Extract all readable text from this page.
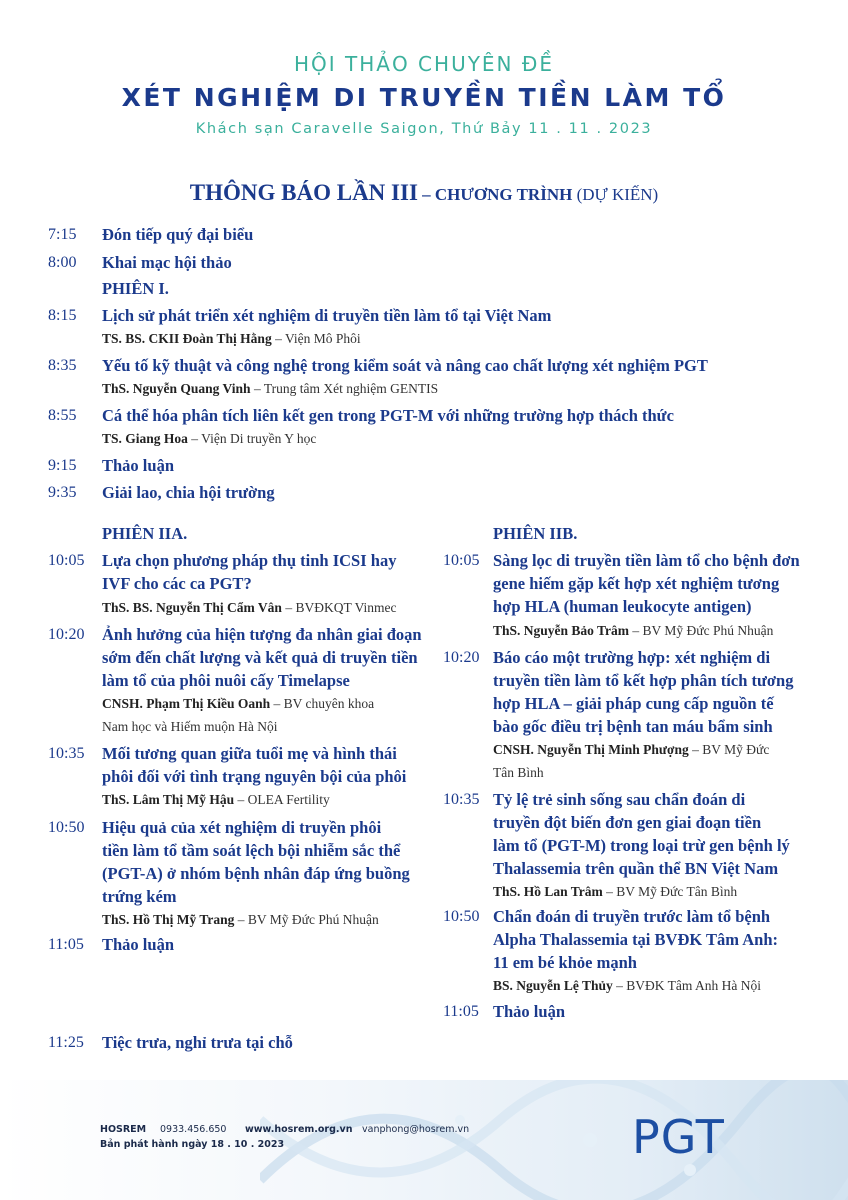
HỘI THẢO CHUYÊN ĐỀ
XÉT NGHIỆM DI TRUYỀN TIỀN LÀM TỔ
Khách sạn Caravelle Saigon, Thứ Bảy 11 . 11 . 2023
THÔNG BÁO LẦN III – CHƯƠNG TRÌNH (DỰ KIẾN)
7:15 Đón tiếp quý đại biểu
8:00 Khai mạc hội thảo
PHIÊN I.
8:15 Lịch sử phát triển xét nghiệm di truyền tiền làm tổ tại Việt Nam
TS. BS. CKII Đoàn Thị Hằng – Viện Mô Phôi
8:35 Yếu tố kỹ thuật và công nghệ trong kiểm soát và nâng cao chất lượng xét nghiệm PGT
ThS. Nguyễn Quang Vinh – Trung tâm Xét nghiệm GENTIS
8:55 Cá thể hóa phân tích liên kết gen trong PGT-M với những trường hợp thách thức
TS. Giang Hoa – Viện Di truyền Y học
9:15 Thảo luận
9:35 Giải lao, chia hội trường
PHIÊN IIA.
10:05 Lựa chọn phương pháp thụ tinh ICSI hay
IVF cho các ca PGT?
ThS. BS. Nguyễn Thị Cẩm Vân – BVĐKQT Vinmec
10:20 Ảnh hưởng của hiện tượng đa nhân giai đoạn
sớm đến chất lượng và kết quả di truyền tiền
làm tổ của phôi nuôi cấy Timelapse
CNSH. Phạm Thị Kiều Oanh – BV chuyên khoa
Nam học và Hiếm muộn Hà Nội
10:35 Mối tương quan giữa tuổi mẹ và hình thái
phôi đối với tình trạng nguyên bội của phôi
ThS. Lâm Thị Mỹ Hậu – OLEA Fertility
10:50 Hiệu quả của xét nghiệm di truyền phôi
tiền làm tổ tầm soát lệch bội nhiễm sắc thể
(PGT-A) ở nhóm bệnh nhân đáp ứng buồng
trứng kém
ThS. Hồ Thị Mỹ Trang – BV Mỹ Đức Phú Nhuận
11:05 Thảo luận
PHIÊN IIB.
10:05 Sàng lọc di truyền tiền làm tổ cho bệnh đơn
gene hiếm gặp kết hợp xét nghiệm tương
hợp HLA (human leukocyte antigen)
ThS. Nguyễn Bảo Trâm – BV Mỹ Đức Phú Nhuận
10:20 Báo cáo một trường hợp: xét nghiệm di
truyền tiền làm tổ kết hợp phân tích tương
hợp HLA – giải pháp cung cấp nguồn tế
bào gốc điều trị bệnh tan máu bẩm sinh
CNSH. Nguyễn Thị Minh Phượng – BV Mỹ Đức
Tân Bình
10:35 Tỷ lệ trẻ sinh sống sau chẩn đoán di
truyền đột biến đơn gen giai đoạn tiền
làm tổ (PGT-M) trong loại trừ gen bệnh lý
Thalassemia trên quần thể BN Việt Nam
ThS. Hồ Lan Trâm – BV Mỹ Đức Tân Bình
10:50 Chẩn đoán di truyền trước làm tổ bệnh
Alpha Thalassemia tại BVĐK Tâm Anh:
11 em bé khỏe mạnh
BS. Nguyễn Lệ Thủy – BVĐK Tâm Anh Hà Nội
11:05 Thảo luận
11:25 Tiệc trưa, nghỉ trưa tại chỗ
HOSREM 0933.456.650 www.hosrem.org.vn vanphong@hosrem.vn
Bản phát hành ngày 18 . 10 . 2023	PGT
